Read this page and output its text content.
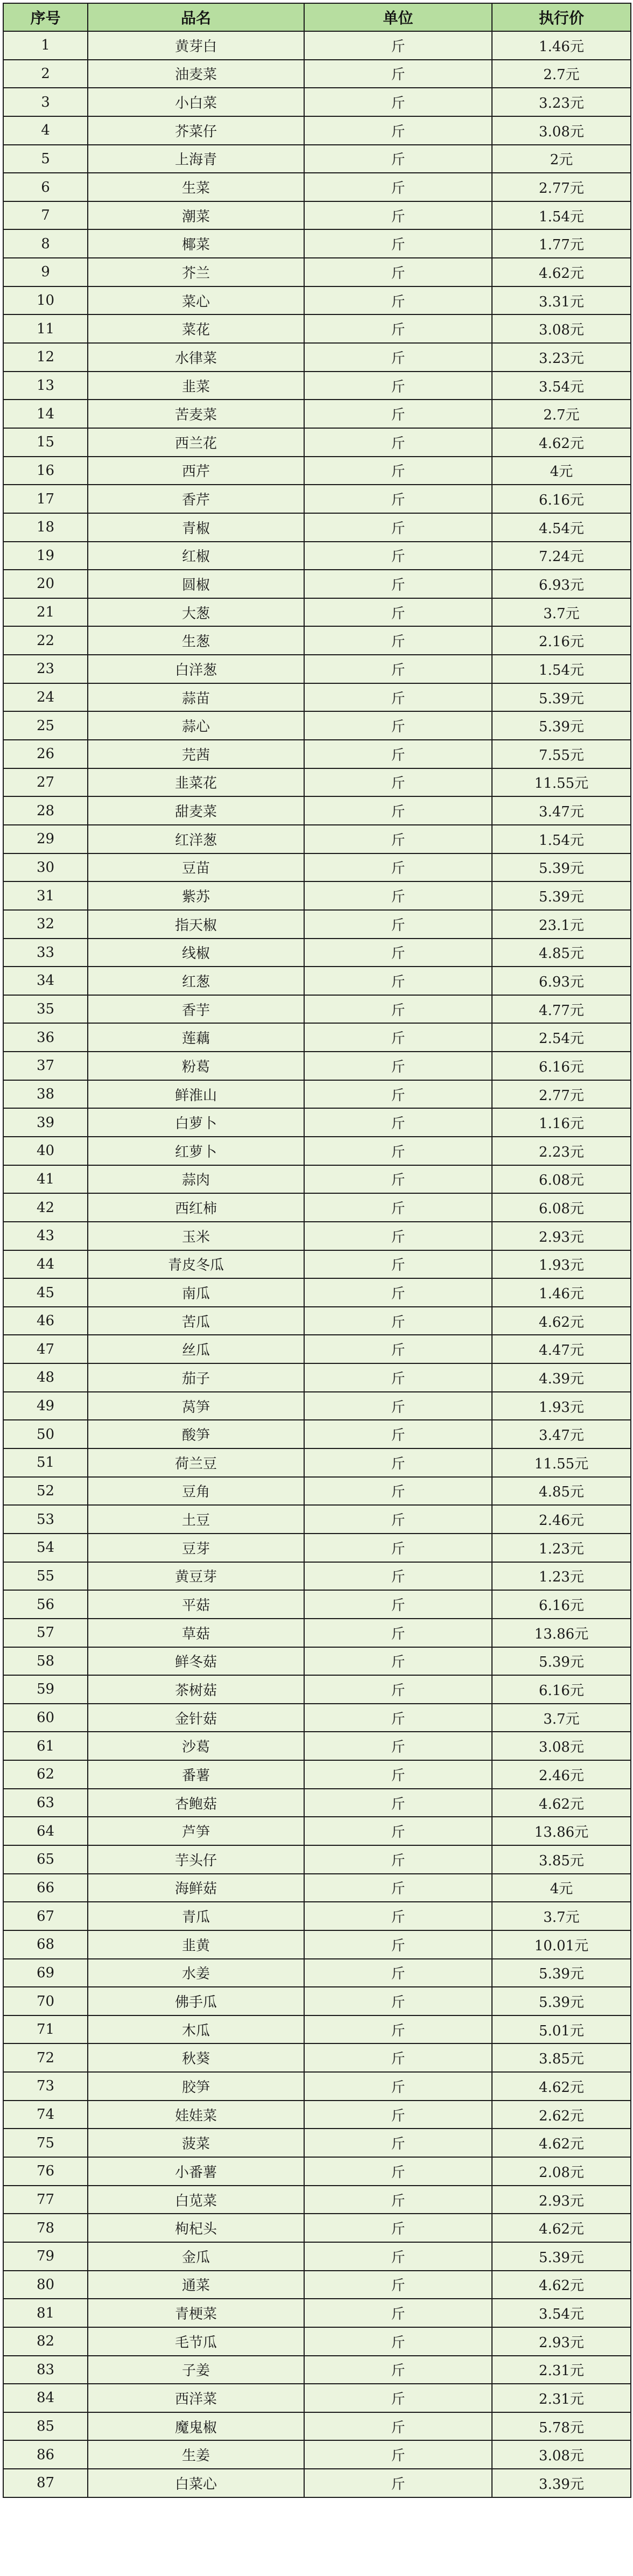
序号	品名	单位	执行价
1	黄芽白	斤	1.46元
2	油麦菜	斤	2.7元
3	小白菜	斤	3.23元
4	芥菜仔	斤	3.08元
5	上海青	斤	2元
6	生菜	斤	2.77元
7	潮菜	斤	1.54元
8	椰菜	斤	1.77元
9	芥兰	斤	4.62元
10	菜心	斤	3.31元
11	菜花	斤	3.08元
12	水律菜	斤	3.23元
13	韭菜	斤	3.54元
14	苦麦菜	斤	2.7元
15	西兰花	斤	4.62元
16	西芹	斤	4元
17	香芹	斤	6.16元
18	青椒	斤	4.54元
19	红椒	斤	7.24元
20	圆椒	斤	6.93元
21	大葱	斤	3.7元
22	生葱	斤	2.16元
23	白洋葱	斤	1.54元
24	蒜苗	斤	5.39元
25	蒜心	斤	5.39元
26	芫茜	斤	7.55元
27	韭菜花	斤	11.55元
28	甜麦菜	斤	3.47元
29	红洋葱	斤	1.54元
30	豆苗	斤	5.39元
31	紫苏	斤	5.39元
32	指天椒	斤	23.1元
33	线椒	斤	4.85元
34	红葱	斤	6.93元
35	香芋	斤	4.77元
36	莲藕	斤	2.54元
37	粉葛	斤	6.16元
38	鲜淮山	斤	2.77元
39	白萝卜	斤	1.16元
40	红萝卜	斤	2.23元
41	蒜肉	斤	6.08元
42	西红柿	斤	6.08元
43	玉米	斤	2.93元
44	青皮冬瓜	斤	1.93元
45	南瓜	斤	1.46元
46	苦瓜	斤	4.62元
47	丝瓜	斤	4.47元
48	茄子	斤	4.39元
49	莴笋	斤	1.93元
50	酸笋	斤	3.47元
51	荷兰豆	斤	11.55元
52	豆角	斤	4.85元
53	土豆	斤	2.46元
54	豆芽	斤	1.23元
55	黄豆芽	斤	1.23元
56	平菇	斤	6.16元
57	草菇	斤	13.86元
58	鲜冬菇	斤	5.39元
59	茶树菇	斤	6.16元
60	金针菇	斤	3.7元
61	沙葛	斤	3.08元
62	番薯	斤	2.46元
63	杏鲍菇	斤	4.62元
64	芦笋	斤	13.86元
65	芋头仔	斤	3.85元
66	海鲜菇	斤	4元
67	青瓜	斤	3.7元
68	韭黄	斤	10.01元
69	水姜	斤	5.39元
70	佛手瓜	斤	5.39元
71	木瓜	斤	5.01元
72	秋葵	斤	3.85元
73	胶笋	斤	4.62元
74	娃娃菜	斤	2.62元
75	菠菜	斤	4.62元
76	小番薯	斤	2.08元
77	白苋菜	斤	2.93元
78	枸杞头	斤	4.62元
79	金瓜	斤	5.39元
80	通菜	斤	4.62元
81	青梗菜	斤	3.54元
82	毛节瓜	斤	2.93元
83	子姜	斤	2.31元
84	西洋菜	斤	2.31元
85	魔鬼椒	斤	5.78元
86	生姜	斤	3.08元
87	白菜心	斤	3.39元
